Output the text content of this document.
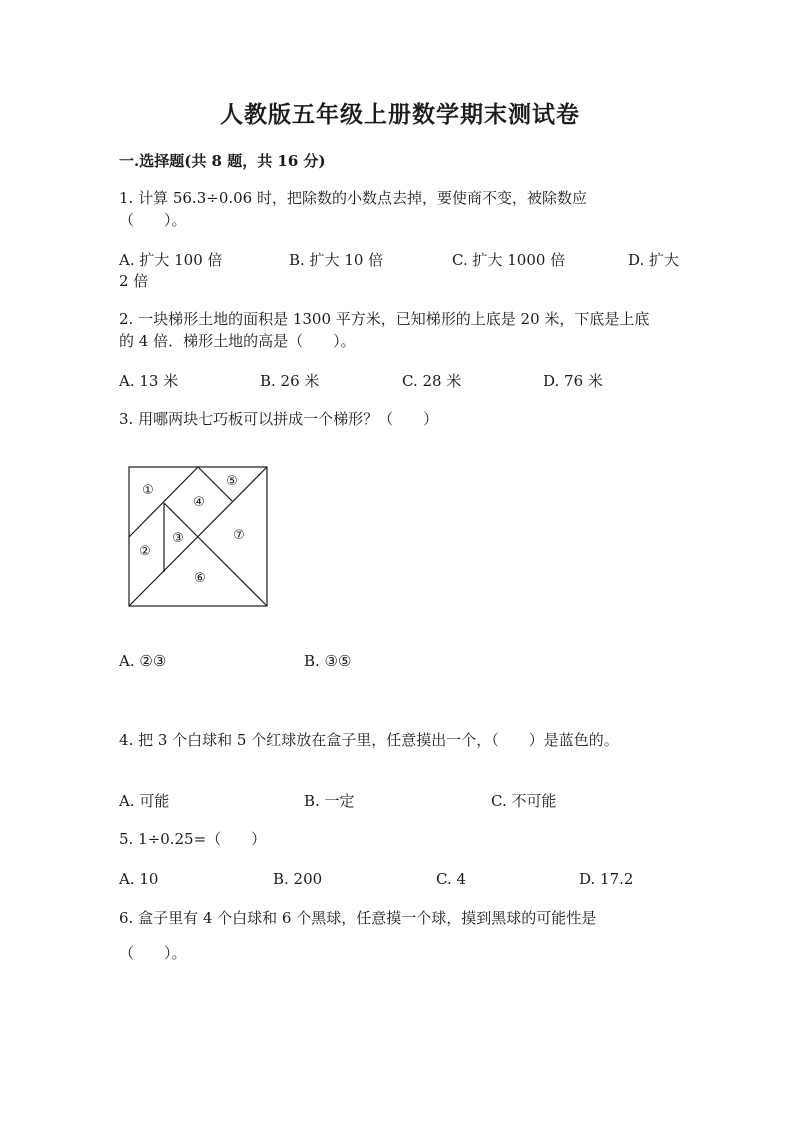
人教版五年级上册数学期末测试卷
一.选择题(共 8 题，共 16 分)
1. 计算 56.3÷0.06 时，把除数的小数点去掉，要使商不变，被除数应
（　　）。
A. 扩大 100 倍	B. 扩大 10 倍	C. 扩大 1000 倍	D. 扩大
2 倍
2. 一块梯形土地的面积是 1300 平方米，已知梯形的上底是 20 米，下底是上底
的 4 倍．梯形土地的高是（　　）。
A. 13 米	B. 26 米	C. 28 米	D. 76 米
3. 用哪两块七巧板可以拼成一个梯形？（　　）
①
②
③
④
⑤
⑥
⑦
A. ②③	B. ③⑤
4. 把 3 个白球和 5 个红球放在盒子里，任意摸出一个，（　　）是蓝色的。
A. 可能	B. 一定	C. 不可能
5. 1÷0.25=（　　）
A. 10	B. 200	C. 4	D. 17.2
6. 盒子里有 4 个白球和 6 个黑球，任意摸一个球，摸到黑球的可能性是
（　　）。
